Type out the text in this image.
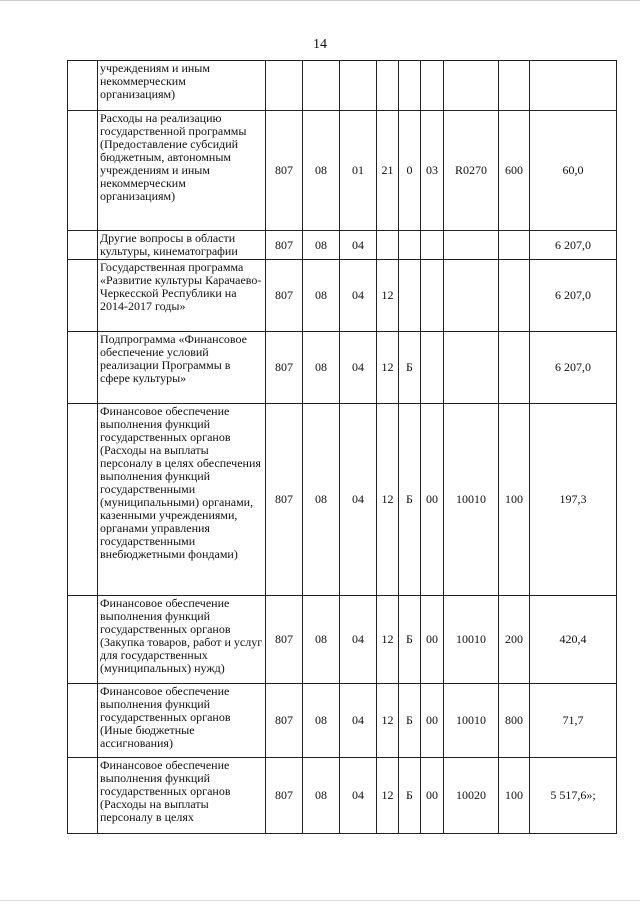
14
	учреждениям и иным некоммерческим организациям)									
	Расходы на реализацию государственной программы (Предоставление субсидий бюджетным, автономным учреждениям и иным некоммерческим организациям)	807	08	01	21	0	03	R0270	600	60,0
	Другие вопросы в области культуры, кинематографии	807	08	04						6 207,0
	Государственная программа «Развитие культуры Карачаево-Черкесской Республики на 2014-2017 годы»	807	08	04	12					6 207,0
	Подпрограмма «Финансовое обеспечение условий реализации Программы в сфере культуры»	807	08	04	12	Б				6 207,0
	Финансовое обеспечение выполнения функций государственных органов (Расходы на выплаты персоналу в целях обеспечения выполнения функций государственными (муниципальными) органами, казенными учреждениями, органами управления государственными внебюджетными фондами)	807	08	04	12	Б	00	10010	100	197,3
	Финансовое обеспечение выполнения функций государственных органов (Закупка товаров, работ и услуг для государственных (муниципальных) нужд)	807	08	04	12	Б	00	10010	200	420,4
	Финансовое обеспечение выполнения функций государственных органов (Иные бюджетные ассигнования)	807	08	04	12	Б	00	10010	800	71,7
	Финансовое обеспечение выполнения функций государственных органов (Расходы на выплаты персоналу в целях	807	08	04	12	Б	00	10020	100	5 517,6»;
